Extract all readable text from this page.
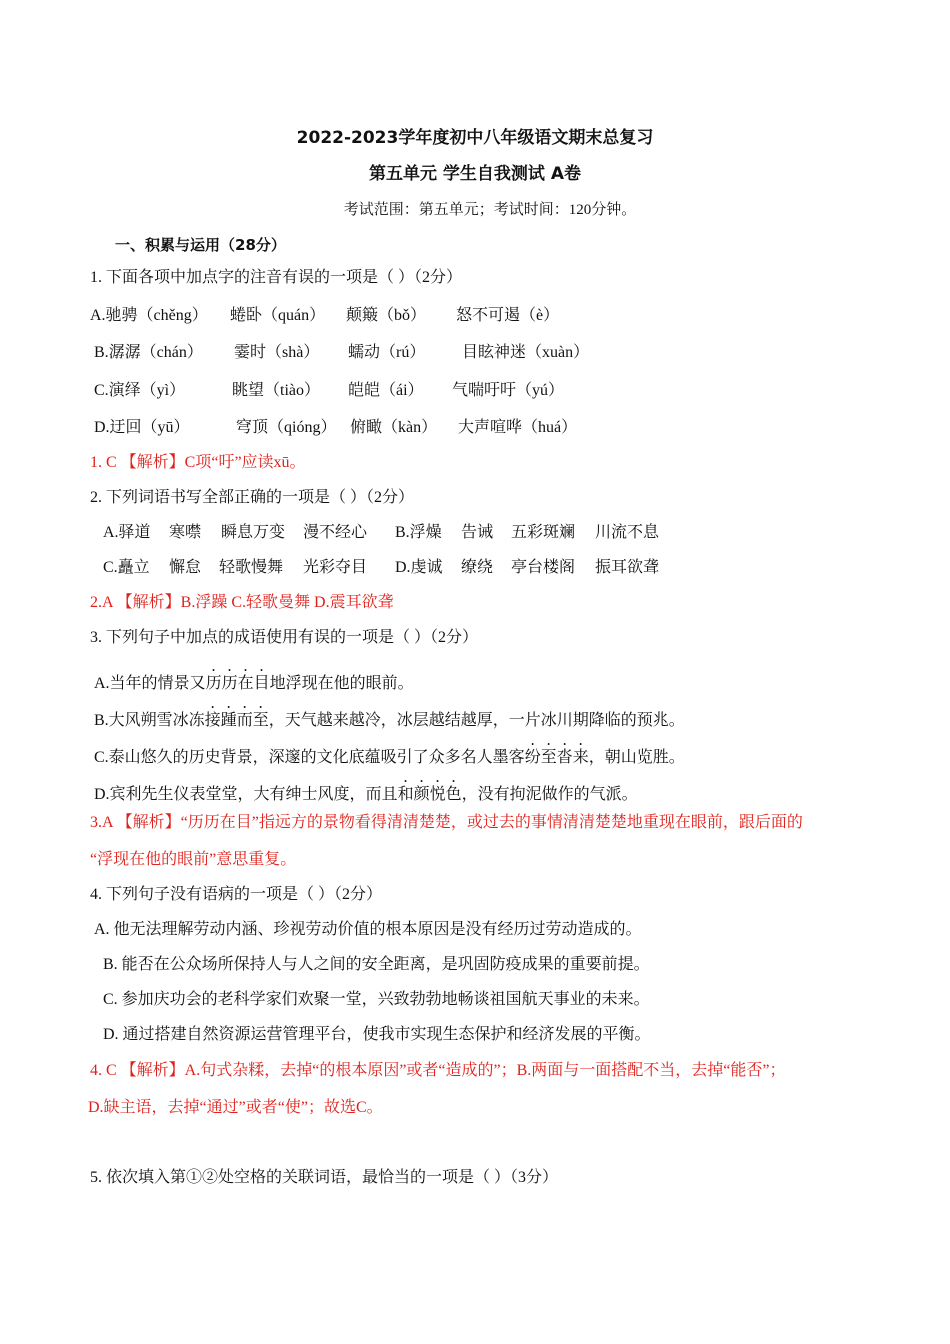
2022-2023学年度初中八年级语文期末总复习
第五单元 学生自我测试 A卷
考试范围：第五单元；考试时间：120分钟。
一、积累与运用（28分）
1. 下面各项中加点字的注音有误的一项是（ ）（2分）
A.驰骋（chěng） 蜷卧（quán） 颠簸（bǒ） 怒不可遏（è）
B.潺潺（chán） 霎时（shà） 蠕动（rú） 目眩神迷（xuàn）
C.演绎（yì）	眺望（tiào） 皑皑（ái） 气喘吁吁（yú）
D.迂回（yū）	穹顶（qióng） 俯瞰（kàn） 大声喧哗（huá）
1. C 【解析】C项“吁”应读xū。
2. 下列词语书写全部正确的一项是（ ）（2分）
A.驿道 寒噤 瞬息万变 漫不经心 B.浮燥 告诫 五彩斑斓 川流不息
C.矗立 懈怠 轻歌慢舞 光彩夺目 D.虔诚 缭绕 亭台楼阁 振耳欲聋
2.A 【解析】B.浮躁 C.轻歌曼舞 D.震耳欲聋
3. 下列句子中加点的成语使用有误的一项是（ ）（2分）
A.当年的情景又历历在目地浮现在他的眼前。
B.大风朔雪冰冻接踵而至，天气越来越冷，冰层越结越厚，一片冰川期降临的预兆。
C.泰山悠久的历史背景，深邃的文化底蕴吸引了众多名人墨客纷至沓来，朝山览胜。
D.宾利先生仪表堂堂，大有绅士风度，而且和颜悦色，没有拘泥做作的气派。
3.A 【解析】“历历在目”指远方的景物看得清清楚楚，或过去的事情清清楚楚地重现在眼前，跟后面的
“浮现在他的眼前”意思重复。
4. 下列句子没有语病的一项是（ ）（2分）
A. 他无法理解劳动内涵、珍视劳动价值的根本原因是没有经历过劳动造成的。
B. 能否在公众场所保持人与人之间的安全距离，是巩固防疫成果的重要前提。
C. 参加庆功会的老科学家们欢聚一堂，兴致勃勃地畅谈祖国航天事业的未来。
D. 通过搭建自然资源运营管理平台，使我市实现生态保护和经济发展的平衡。
4. C 【解析】A.句式杂糅，去掉“的根本原因”或者“造成的”；B.两面与一面搭配不当，去掉“能否”；
D.缺主语，去掉“通过”或者“使”；故选C。
5. 依次填入第①②处空格的关联词语，最恰当的一项是（ ）（3分）
